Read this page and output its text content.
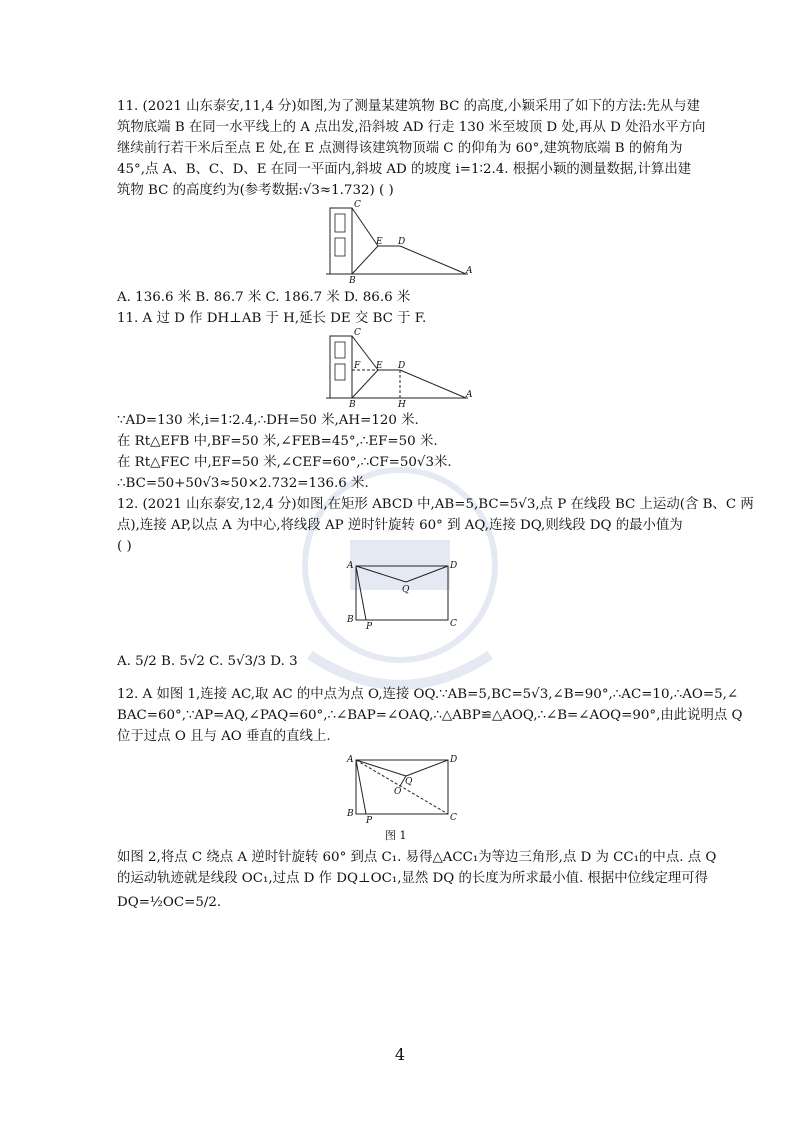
11. (2021 山东泰安,11,4 分)如图,为了测量某建筑物 BC 的高度,小颖采用了如下的方法:先从与建
筑物底端 B 在同一水平线上的 A 点出发,沿斜坡 AD 行走 130 米至坡顶 D 处,再从 D 处沿水平方向
继续前行若干米后至点 E 处,在 E 点测得该建筑物顶端 C 的仰角为 60°,建筑物底端 B 的俯角为
45°,点 A、B、C、D、E 在同一平面内,斜坡 AD 的坡度 i=1∶2.4. 根据小颖的测量数据,计算出建
筑物 BC 的高度约为(参考数据:√3≈1.732) ( )
C
E D
A
B
A. 136.6 米 B. 86.7 米 C. 186.7 米 D. 86.6 米
11. A 过 D 作 DH⊥AB 于 H,延长 DE 交 BC 于 F.
C
F E D
A
B	H
∵AD=130 米,i=1∶2.4,∴DH=50 米,AH=120 米.
在 Rt△EFB 中,BF=50 米,∠FEB=45°,∴EF=50 米.
在 Rt△FEC 中,EF=50 米,∠CEF=60°,∴CF=50√3米.
∴BC=50+50√3≈50×2.732=136.6 米.
12. (2021 山东泰安,12,4 分)如图,在矩形 ABCD 中,AB=5,BC=5√3,点 P 在线段 BC 上运动(含 B、C 两
点),连接 AP,以点 A 为中心,将线段 AP 逆时针旋转 60° 到 AQ,连接 DQ,则线段 DQ 的最小值为
( )
A	D
Q
B
P	C
A. 5/2 B. 5√2 C. 5√3/3 D. 3
12. A 如图 1,连接 AC,取 AC 的中点为点 O,连接 OQ.∵AB=5,BC=5√3,∠B=90°,∴AC=10,∴AO=5,∠
BAC=60°,∵AP=AQ,∠PAQ=60°,∴∠BAP=∠OAQ,∴△ABP≌△AOQ,∴∠B=∠AOQ=90°,由此说明点 Q
位于过点 O 且与 AO 垂直的直线上.
A	D
Q
O
B
P	C
图 1
如图 2,将点 C 绕点 A 逆时针旋转 60° 到点 C₁. 易得△ACC₁为等边三角形,点 D 为 CC₁的中点. 点 Q
的运动轨迹就是线段 OC₁,过点 D 作 DQ⊥OC₁,显然 DQ 的长度为所求最小值. 根据中位线定理可得
DQ=½OC=5/2.
4
